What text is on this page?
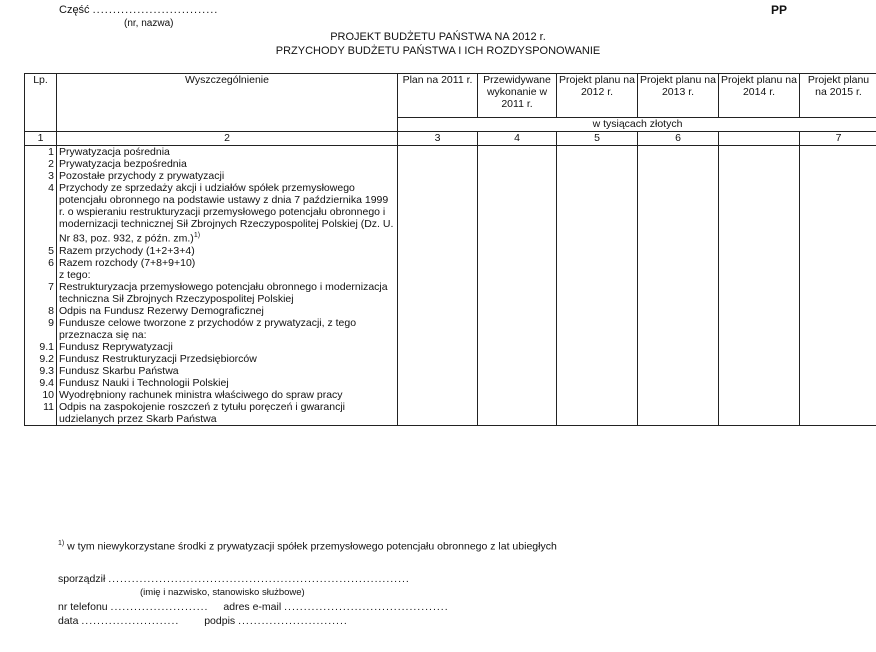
Część ...............................
(nr, nazwa)
PP
PROJEKT BUDŻETU PAŃSTWA NA 2012 r.
PRZYCHODY BUDŻETU PAŃSTWA I ICH ROZDYSPONOWANIE
Lp.	Wyszczególnienie	Plan na 2011 r.	Przewidywane wykonanie w 2011 r.	Projekt planu na 2012 r.	Projekt planu na 2013 r.	Projekt planu na 2014 r.	Projekt planu na 2015 r.
		w tysiącach złotych					
1	2	3	4	5	6		7
1	Prywatyzacja pośrednia						
2	Prywatyzacja bezpośrednia						
3	Pozostałe przychody z prywatyzacji						
4	Przychody ze sprzedaży akcji i udziałów spółek przemysłowego potencjału obronnego na podstawie ustawy z dnia 7 października 1999 r. o wspieraniu restrukturyzacji przemysłowego potencjału obronnego i modernizacji technicznej Sił Zbrojnych Rzeczypospolitej Polskiej (Dz. U. Nr 83, poz. 932, z późn. zm.)$^{1)}$						
5	Razem przychody (1+2+3+4)						
6	Razem rozchody (7+8+9+10)						
	z tego:						
7	Restrukturyzacja przemysłowego potencjału obronnego i modernizacja techniczna Sił Zbrojnych Rzeczypospolitej Polskiej						
8	Odpis na Fundusz Rezerwy Demograficznej						
9	Fundusze celowe tworzone z przychodów z prywatyzacji, z tego przeznacza się na:						
9.1	Fundusz Reprywatyzacji						
9.2	Fundusz Restrukturyzacji Przedsiębiorców						
9.3	Fundusz Skarbu Państwa						
9.4	Fundusz Nauki i Technologii Polskiej						
10	Wyodrębniony rachunek ministra właściwego do spraw pracy						
11	Odpis na zaspokojenie roszczeń z tytułu poręczeń i gwarancji udzielanych przez Skarb Państwa						
$^{1)}$ w tym niewykorzystane środki z prywatyzacji spółek przemysłowego potencjału obronnego z lat ubiegłych
sporządził .............................................................................
(imię i nazwisko, stanowisko służbowe)
nr telefonu ......................... adres e-mail ..........................................
data ......................... podpis ............................
